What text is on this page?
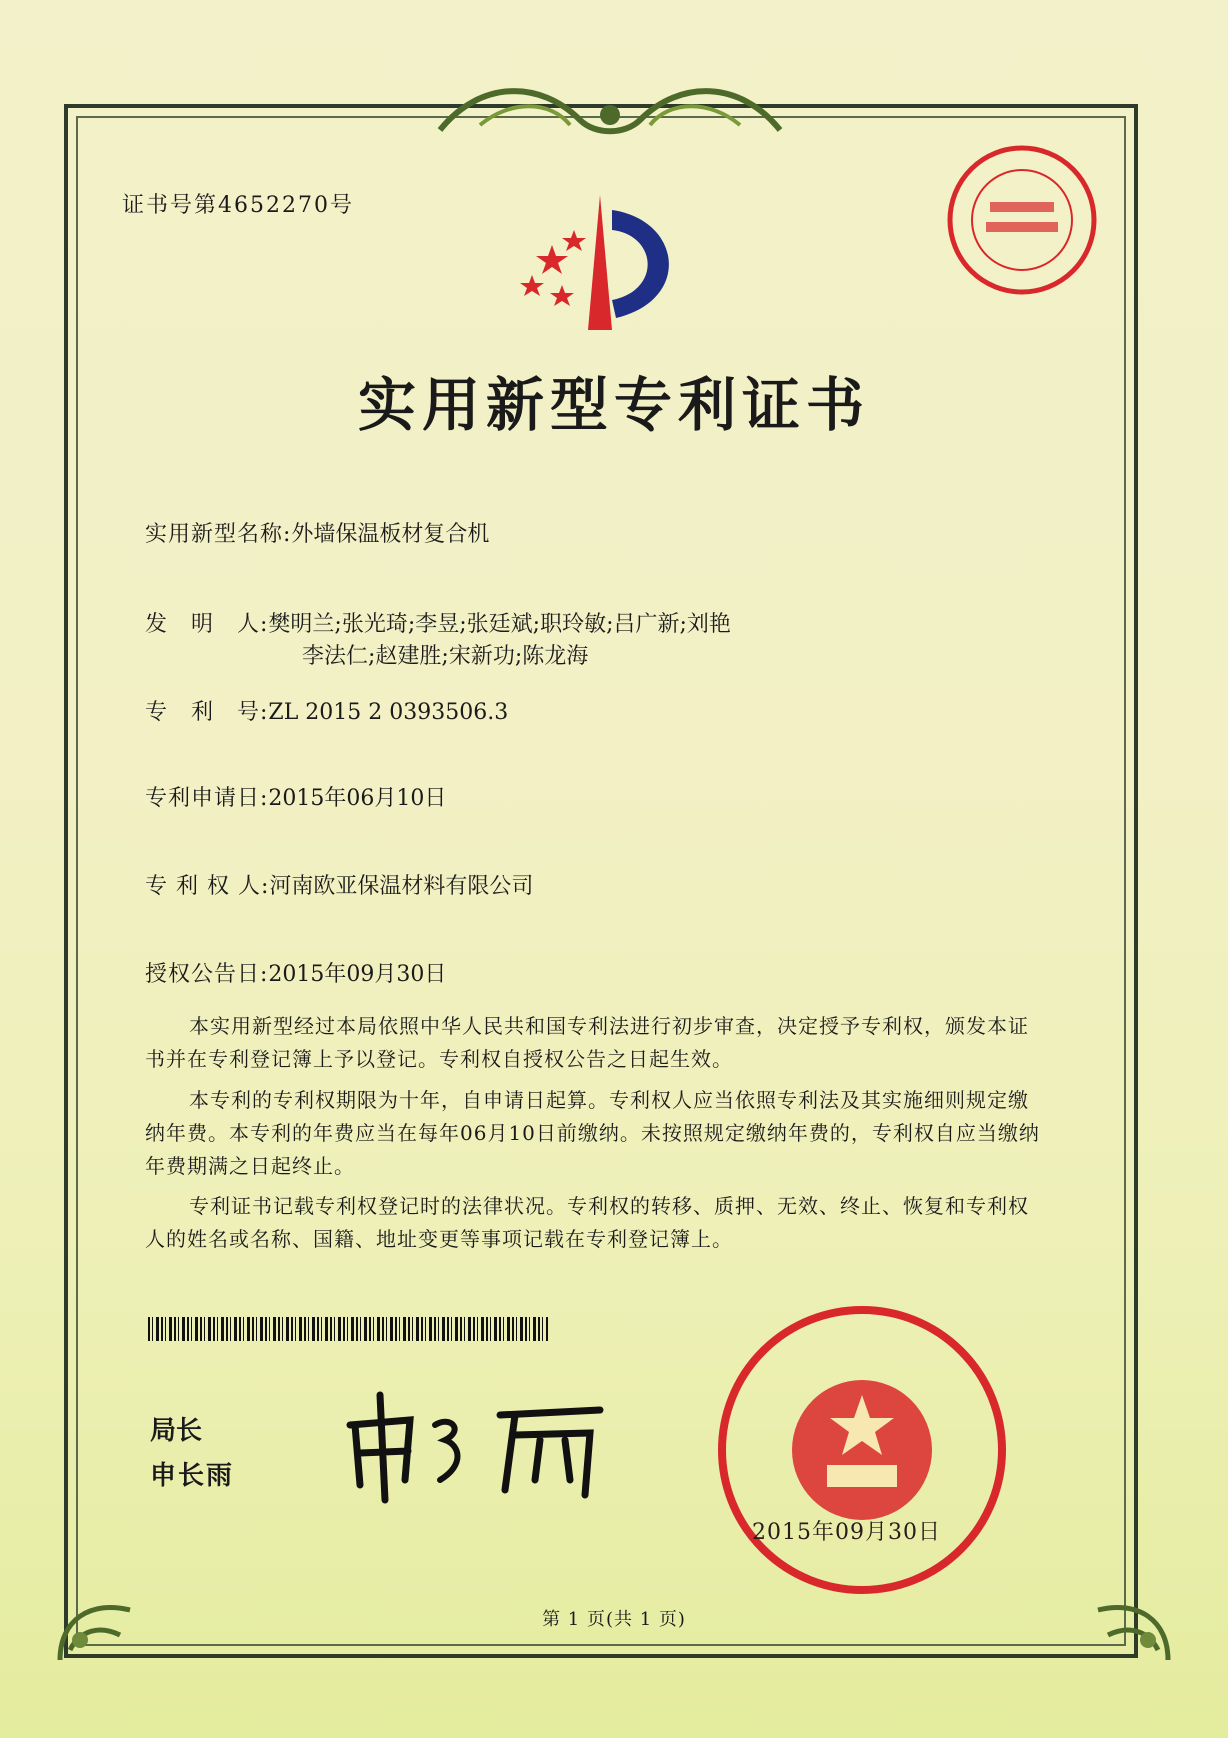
证书号第4652270号
实用新型专利证书
实用新型名称:外墙保温板材复合机
发　明　人:樊明兰;张光琦;李昱;张廷斌;职玲敏;吕广新;刘艳
李法仁;赵建胜;宋新功;陈龙海
专　利　号:ZL 2015 2 0393506.3
专利申请日:2015年06月10日
专 利 权 人:河南欧亚保温材料有限公司
授权公告日:2015年09月30日
本实用新型经过本局依照中华人民共和国专利法进行初步审查，决定授予专利权，颁发本证书并在专利登记簿上予以登记。专利权自授权公告之日起生效。
本专利的专利权期限为十年，自申请日起算。专利权人应当依照专利法及其实施细则规定缴纳年费。本专利的年费应当在每年06月10日前缴纳。未按照规定缴纳年费的，专利权自应当缴纳年费期满之日起终止。
专利证书记载专利权登记时的法律状况。专利权的转移、质押、无效、终止、恢复和专利权人的姓名或名称、国籍、地址变更等事项记载在专利登记簿上。
局长
申长雨
2015年09月30日
第 1 页(共 1 页)
